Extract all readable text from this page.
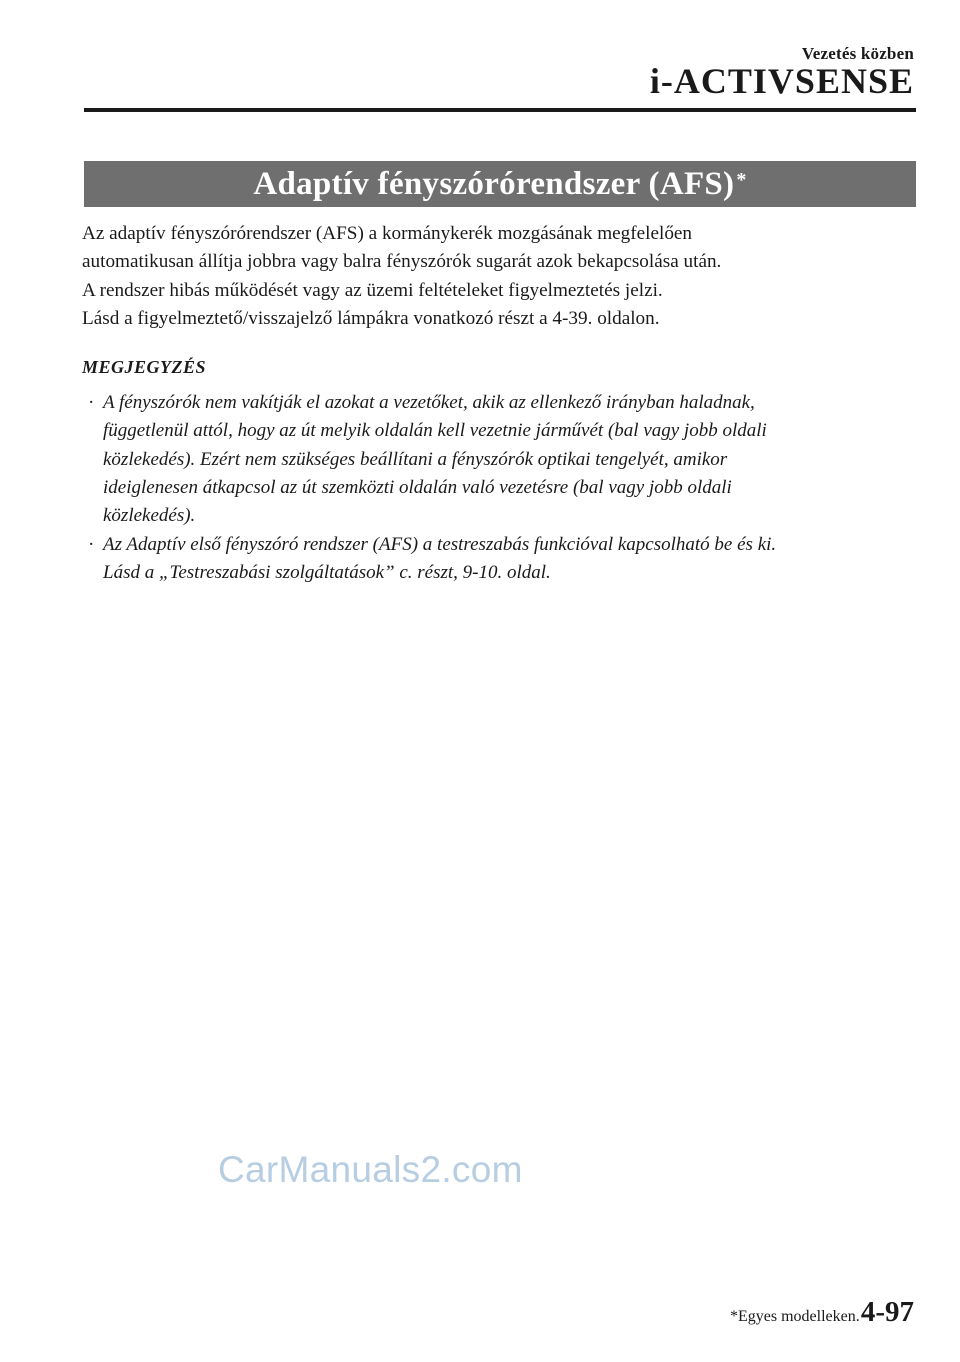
Vezetés közben
i-ACTIVSENSE
Adaptív fényszórórendszer (AFS)*

Az adaptív fényszórórendszer (AFS) a kormánykerék mozgásának megfelelően

automatikusan állítja jobbra vagy balra fényszórók sugarát azok bekapcsolása után.

A rendszer hibás működését vagy az üzemi feltételeket figyelmeztetés jelzi.

Lásd a figyelmeztető/visszajelző lámpákra vonatkozó részt a 4-39. oldalon.

MEGJEGYZÉS
· A fényszórók nem vakítják el azokat a vezetőket, akik az ellenkező irányban haladnak,
függetlenül attól, hogy az út melyik oldalán kell vezetnie járművét (bal vagy jobb oldali
közlekedés). Ezért nem szükséges beállítani a fényszórók optikai tengelyét, amikor
ideiglenesen átkapcsol az út szemközti oldalán való vezetésre (bal vagy jobb oldali
közlekedés).
· Az Adaptív első fényszóró rendszer (AFS) a testreszabás funkcióval kapcsolható be és ki.
Lásd a „Testreszabási szolgáltatások” c. részt, 9-10. oldal.
CarManuals2.com
*Egyes modelleken. 4-97
